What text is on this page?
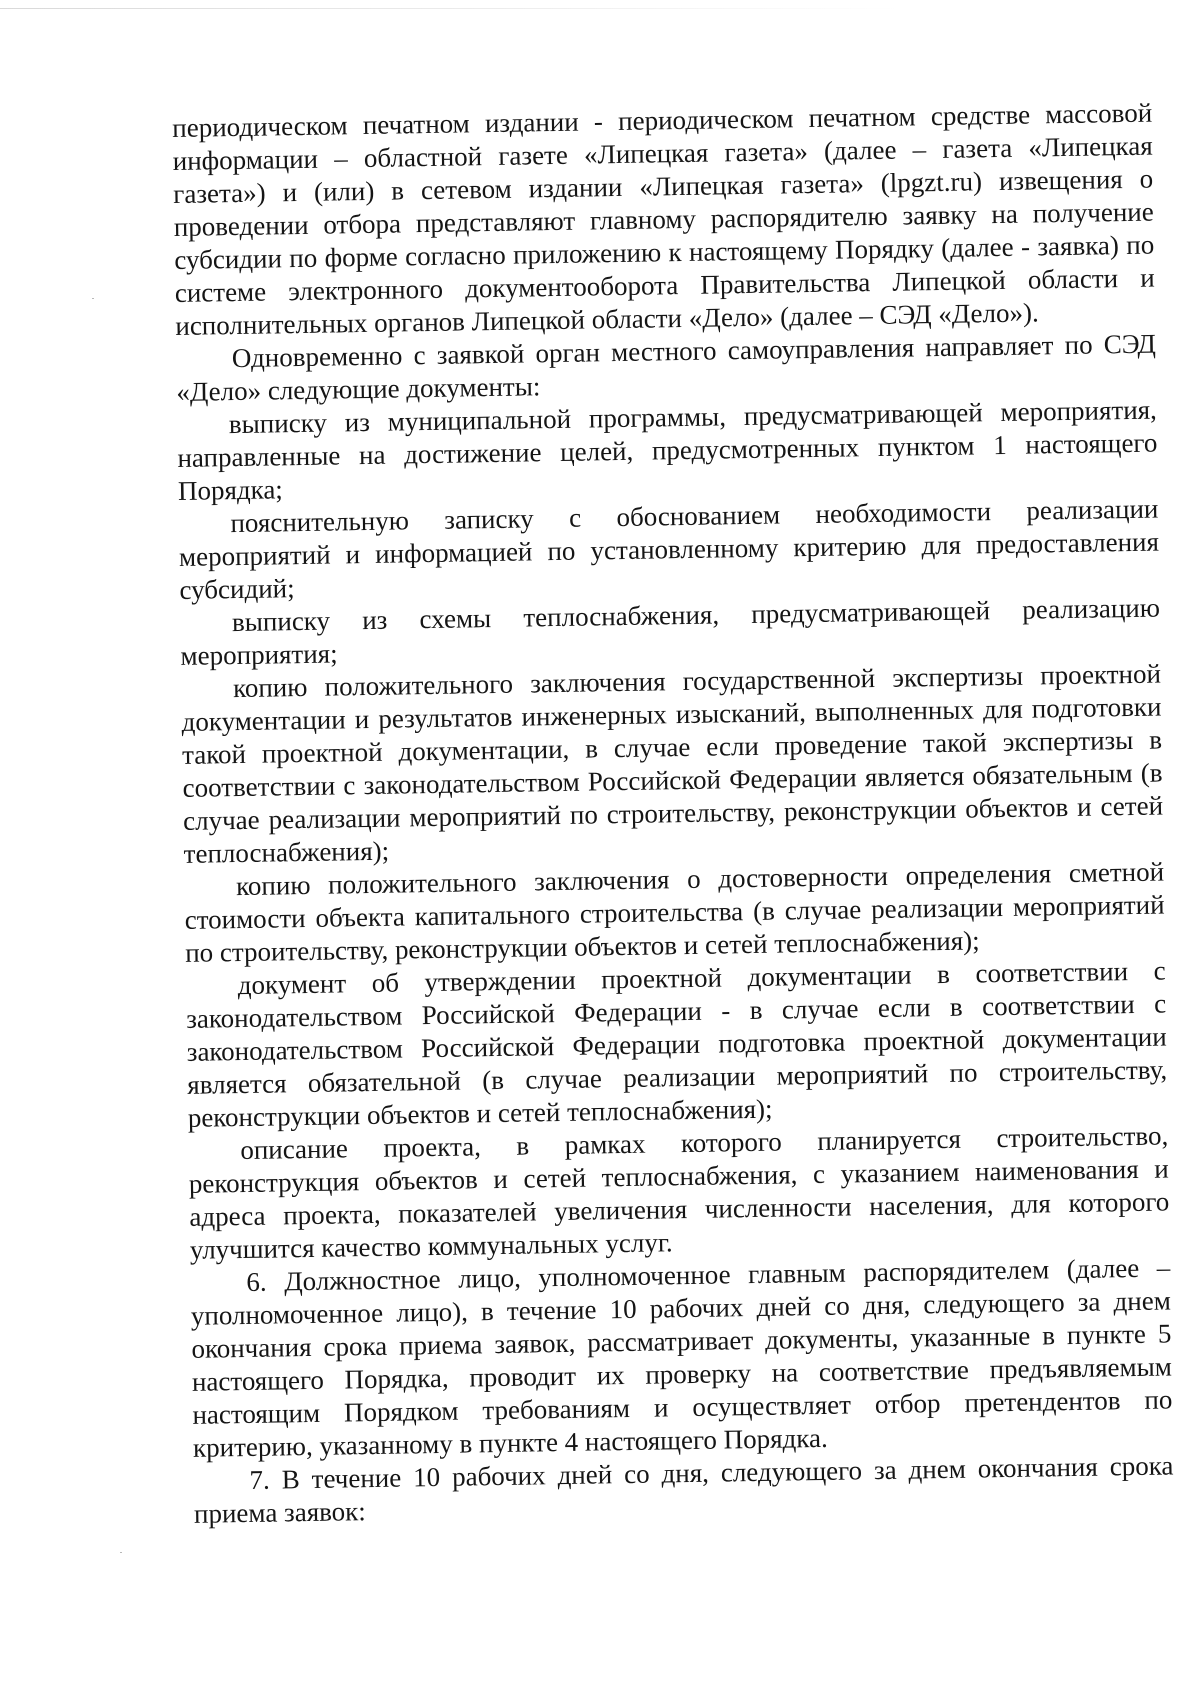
периодическом печатном издании - периодическом печатном средстве массовой информации – областной газете «Липецкая газета» (далее – газета «Липецкая газета») и (или) в сетевом издании «Липецкая газета» (lpgzt.ru) извещения о проведении отбора представляют главному распорядителю заявку на получение субсидии по форме согласно приложению к настоящему Порядку (далее - заявка) по системе электронного документооборота Правительства Липецкой области и исполнительных органов Липецкой области «Дело» (далее – СЭД «Дело»).

Одновременно с заявкой орган местного самоуправления направляет по СЭД «Дело» следующие документы:

выписку из муниципальной программы, предусматривающей мероприятия, направленные на достижение целей, предусмотренных пунктом 1 настоящего Порядка;

пояснительную записку с обоснованием необходимости реализации мероприятий и информацией по установленному критерию для предоставления субсидий;

выписку из схемы теплоснабжения, предусматривающей реализацию мероприятия;

копию положительного заключения государственной экспертизы проектной документации и результатов инженерных изысканий, выполненных для подготовки такой проектной документации, в случае если проведение такой экспертизы в соответствии с законодательством Российской Федерации является обязательным (в случае реализации мероприятий по строительству, реконструкции объектов и сетей теплоснабжения);

копию положительного заключения о достоверности определения сметной стоимости объекта капитального строительства (в случае реализации мероприятий по строительству, реконструкции объектов и сетей теплоснабжения);

документ об утверждении проектной документации в соответствии с законодательством Российской Федерации - в случае если в соответствии с законодательством Российской Федерации подготовка проектной документации является обязательной (в случае реализации мероприятий по строительству, реконструкции объектов и сетей теплоснабжения);

описание проекта, в рамках которого планируется строительство, реконструкция объектов и сетей теплоснабжения, с указанием наименования и адреса проекта, показателей увеличения численности населения, для которого улучшится качество коммунальных услуг.

6. Должностное лицо, уполномоченное главным распорядителем (далее – уполномоченное лицо), в течение 10 рабочих дней со дня, следующего за днем окончания срока приема заявок, рассматривает документы, указанные в пункте 5 настоящего Порядка, проводит их проверку на соответствие предъявляемым настоящим Порядком требованиям и осуществляет отбор претендентов по критерию, указанному в пункте 4 настоящего Порядка.

7. В течение 10 рабочих дней со дня, следующего за днем окончания срока приема заявок:
